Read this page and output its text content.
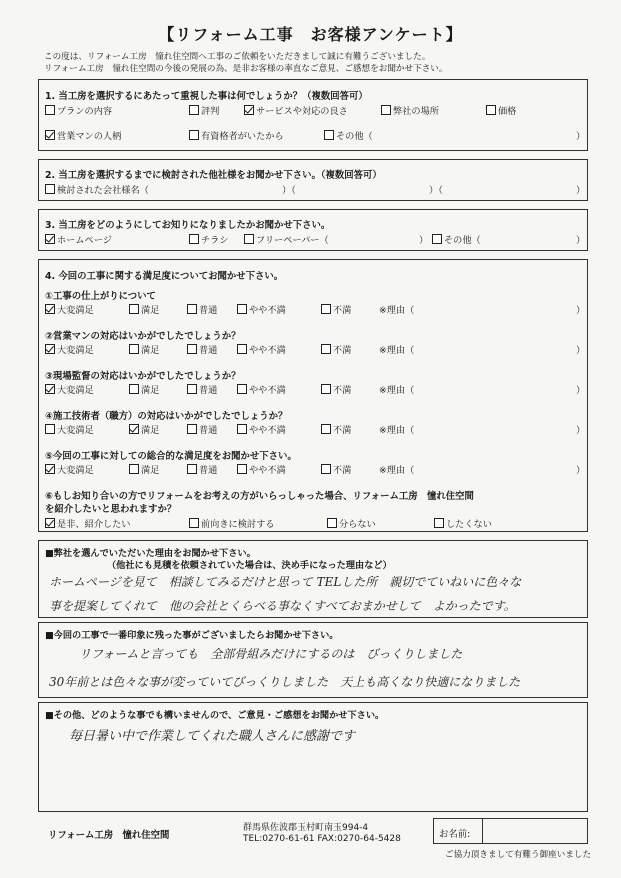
【リフォーム工事　お客様アンケート】
この度は、リフォーム工房　憧れ住空間へ工事のご依頼をいただきまして誠に有難うございました。
リフォーム工房　憧れ住空間の今後の発展の為、是非お客様の率直なご意見、ご感想をお聞かせ下さい。
1. 当工房を選択するにあたって重視した事は何でしょうか？（複数回答可）
プランの内容	評判	サービスや対応の良さ	弊社の場所	価格
営業マンの人柄	有資格者がいたから	その他（	）
2. 当工房を選択するまでに検討された他社様をお聞かせ下さい。（複数回答可）
検討された会社様名（	）（	）（	）
3. 当工房をどのようにしてお知りになりましたかお聞かせ下さい。
ホームページ	チラシ	フリーペーパー（	） その他（	）
4. 今回の工事に関する満足度についてお聞かせ下さい。
①工事の仕上がりについて
大変満足	満足	普通	やや不満	不満	※理由（	）
②営業マンの対応はいかがでしたでしょうか？
大変満足	満足	普通	やや不満	不満	※理由（	）
③現場監督の対応はいかがでしたでしょうか？
大変満足	満足	普通	やや不満	不満	※理由（	）
④施工技術者（職方）の対応はいかがでしたでしょうか？
大変満足	満足	普通	やや不満	不満	※理由（	）
⑤今回の工事に対しての総合的な満足度をお聞かせ下さい。
大変満足	満足	普通	やや不満	不満	※理由（	）
⑥もしお知り合いの方でリフォームをお考えの方がいらっしゃった場合、リフォーム工房　憧れ住空間
を紹介したいと思われますか？
是非、紹介したい	前向きに検討する	分らない	したくない
■弊社を選んでいただいた理由をお聞かせ下さい。
（他社にも見積を依頼されていた場合は、決め手になった理由など）
ホームページを見て　相談してみるだけと思って TELした所　親切でていねいに色々な
事を提案してくれて　他の会社とくらべる事なくすべておまかせして　よかったです。
■今回の工事で一番印象に残った事がございましたらお聞かせ下さい。
リフォームと言っても　全部骨組みだけにするのは　びっくりしました
30年前とは色々な事が変っていてびっくりしました　天上も高くなり快適になりました
■その他、どのような事でも構いませんので、ご意見・ご感想をお聞かせ下さい。
毎日暑い中で作業してくれた職人さんに感謝です
リフォーム工房　憧れ住空間
群馬県佐波郡玉村町南玉994-4
TEL:0270-61-61 FAX:0270-64-5428	お名前:
ご協力頂きまして有難う御座いました
